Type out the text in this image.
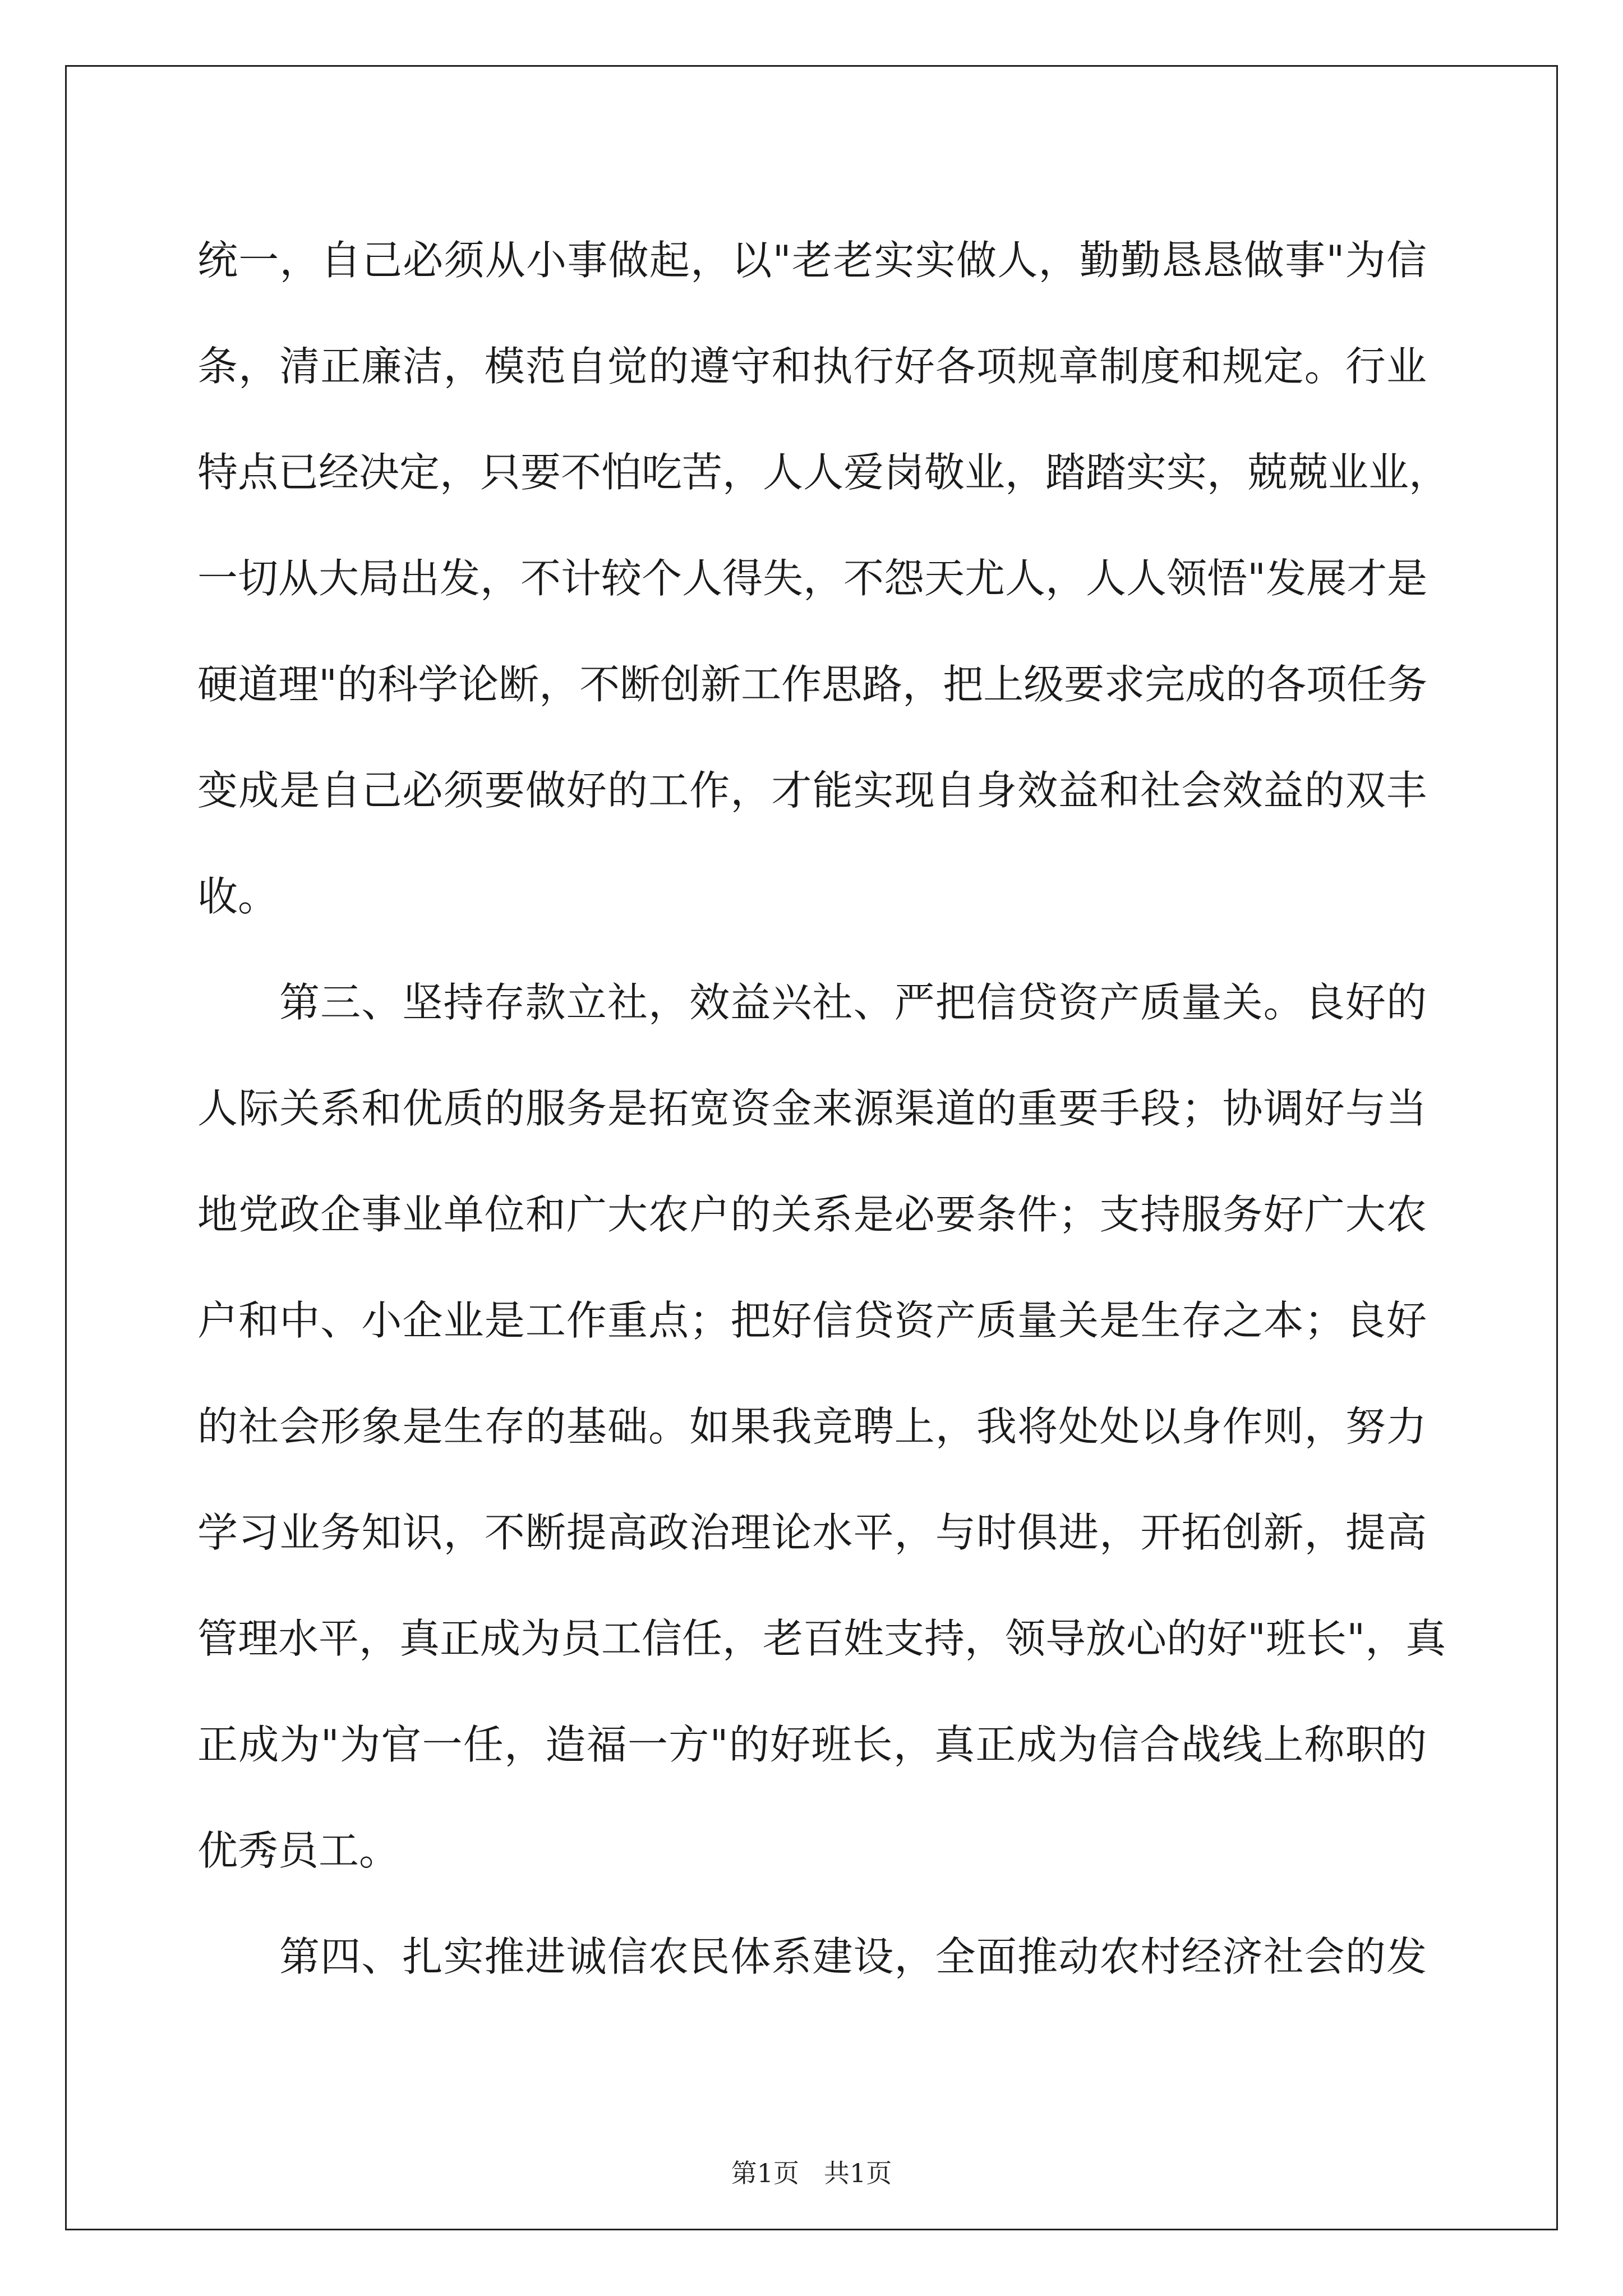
统一，自己必须从小事做起，以"老老实实做人，勤勤恳恳做事"为信
条，清正廉洁，模范自觉的遵守和执行好各项规章制度和规定。行业
特点已经决定，只要不怕吃苦，人人爱岗敬业，踏踏实实，兢兢业业，
一切从大局出发，不计较个人得失，不怨天尤人，人人领悟"发展才是
硬道理"的科学论断，不断创新工作思路，把上级要求完成的各项任务
变成是自己必须要做好的工作，才能实现自身效益和社会效益的双丰
收。
第三、坚持存款立社，效益兴社、严把信贷资产质量关。良好的
人际关系和优质的服务是拓宽资金来源渠道的重要手段；协调好与当
地党政企事业单位和广大农户的关系是必要条件；支持服务好广大农
户和中、小企业是工作重点；把好信贷资产质量关是生存之本；良好
的社会形象是生存的基础。如果我竞聘上，我将处处以身作则，努力
学习业务知识，不断提高政治理论水平，与时俱进，开拓创新，提高
管理水平，真正成为员工信任，老百姓支持，领导放心的好"班长"，真
正成为"为官一任，造福一方"的好班长，真正成为信合战线上称职的
优秀员工。
第四、扎实推进诚信农民体系建设，全面推动农村经济社会的发
第1页 共1页
